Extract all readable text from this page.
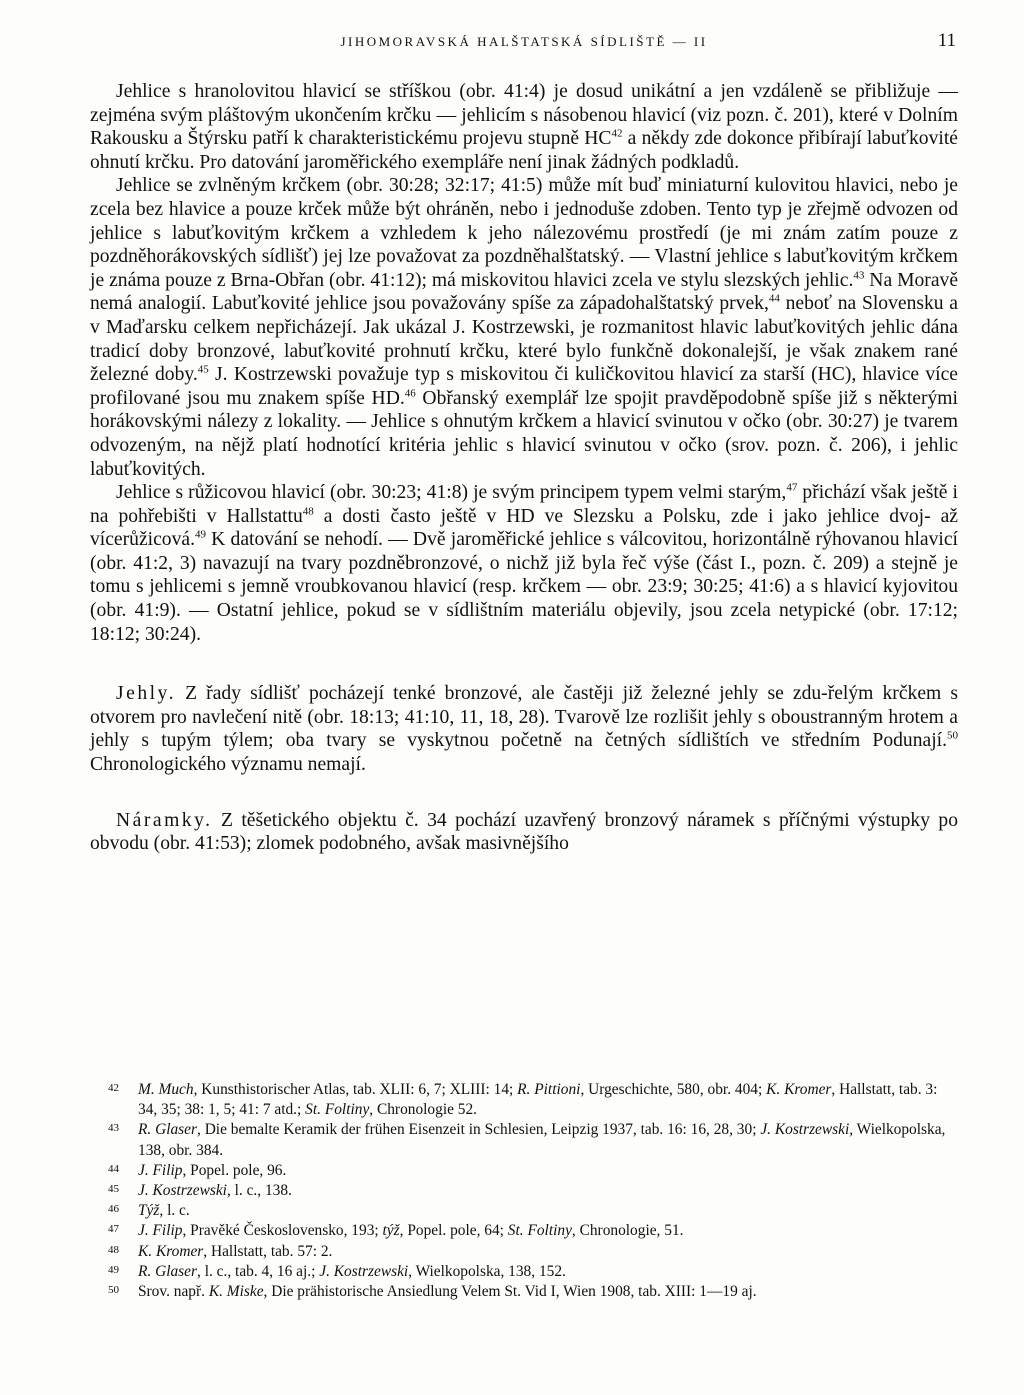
JIHOMORAVSKÁ HALŠTATSKÁ SÍDLIŠTĚ — II	11

Jehlice s hranolovitou hlavicí se stříškou (obr. 41:4) je dosud unikátní a jen vzdáleně se přibližuje — zejména svým pláštovým ukončením krčku — jehlicím s násobenou hlavicí (viz pozn. č. 201), které v Dolním Rakousku a Štýrsku patří k charakteristickému projevu stupně HC$^{42}$ a někdy zde dokonce přibírají labuťkovité ohnutí krčku. Pro datování jaroměřického exempláře není jinak žádných podkladů.

Jehlice se zvlněným krčkem (obr. 30:28; 32:17; 41:5) může mít buď miniaturní kulovitou hlavici, nebo je zcela bez hlavice a pouze krček může být ohráněn, nebo i jednoduše zdoben. Tento typ je zřejmě odvozen od jehlice s labuťkovitým krčkem a vzhledem k jeho nálezovému prostředí (je mi znám zatím pouze z pozdněhorákovských sídlišť) jej lze považovat za pozdněhalštatský. — Vlastní jehlice s labuťkovitým krčkem je známa pouze z Brna-Obřan (obr. 41:12); má miskovitou hlavici zcela ve stylu slezských jehlic.$^{43}$ Na Moravě nemá analogií. Labuťkovité jehlice jsou považovány spíše za západohalštatský prvek,$^{44}$ neboť na Slovensku a v Maďarsku celkem nepřicházejí. Jak ukázal J. Kostrzewski, je rozmanitost hlavic labuťkovitých jehlic dána tradicí doby bronzové, labuťkovité prohnutí krčku, které bylo funkčně dokonalejší, je však znakem rané železné doby.$^{45}$ J. Kostrzewski považuje typ s miskovitou či kuličkovitou hlavicí za starší (HC), hlavice více profilované jsou mu znakem spíše HD.$^{46}$ Obřanský exemplář lze spojit pravděpodobně spíše již s některými horákovskými nálezy z lokality. — Jehlice s ohnutým krčkem a hlavicí svinutou v očko (obr. 30:27) je tvarem odvozeným, na nějž platí hodnotící kritéria jehlic s hlavicí svinutou v očko (srov. pozn. č. 206), i jehlic labuťkovitých.

Jehlice s růžicovou hlavicí (obr. 30:23; 41:8) je svým principem typem velmi starým,$^{47}$ přichází však ještě i na pohřebišti v Hallstattu$^{48}$ a dosti často ještě v HD ve Slezsku a Polsku, zde i jako jehlice dvoj- až vícerůžicová.$^{49}$ K datování se nehodí. — Dvě jaroměřické jehlice s válcovitou, horizontálně rýhovanou hlavicí (obr. 41:2, 3) navazují na tvary pozdněbronzové, o nichž již byla řeč výše (část I., pozn. č. 209) a stejně je tomu s jehlicemi s jemně vroubkovanou hlavicí (resp. krčkem — obr. 23:9; 30:25; 41:6) a s hlavicí kyjovitou (obr. 41:9). — Ostatní jehlice, pokud se v sídlištním materiálu objevily, jsou zcela netypické (obr. 17:12; 18:12; 30:24).

Jehly. Z řady sídlišť pocházejí tenké bronzové, ale častěji již železné jehly se zdu-řelým krčkem s otvorem pro navlečení nitě (obr. 18:13; 41:10, 11, 18, 28). Tvarově lze rozlišit jehly s oboustranným hrotem a jehly s tupým týlem; oba tvary se vyskytnou početně na četných sídlištích ve středním Podunají.$^{50}$ Chronologického významu nemají.

Náramky. Z těšetického objektu č. 34 pochází uzavřený bronzový náramek s příčnými výstupky po obvodu (obr. 41:53); zlomek podobného, avšak masivnějšího

42 M. Much, Kunsthistorischer Atlas, tab. XLII: 6, 7; XLIII: 14; R. Pittioni, Urgeschichte, 580, obr. 404; K. Kromer, Hallstatt, tab. 3: 34, 35; 38: 1, 5; 41: 7 atd.; St. Foltiny, Chronologie 52.
43 R. Glaser, Die bemalte Keramik der frühen Eisenzeit in Schlesien, Leipzig 1937, tab. 16: 16, 28, 30; J. Kostrzewski, Wielkopolska, 138, obr. 384.
44 J. Filip, Popel. pole, 96.
45 J. Kostrzewski, l. c., 138.
46 Týž, l. c.
47 J. Filip, Pravěké Československo, 193; týž, Popel. pole, 64; St. Foltiny, Chronologie, 51.
48 K. Kromer, Hallstatt, tab. 57: 2.
49 R. Glaser, l. c., tab. 4, 16 aj.; J. Kostrzewski, Wielkopolska, 138, 152.
50 Srov. např. K. Miske, Die prähistorische Ansiedlung Velem St. Vid I, Wien 1908, tab. XIII: 1—19 aj.
